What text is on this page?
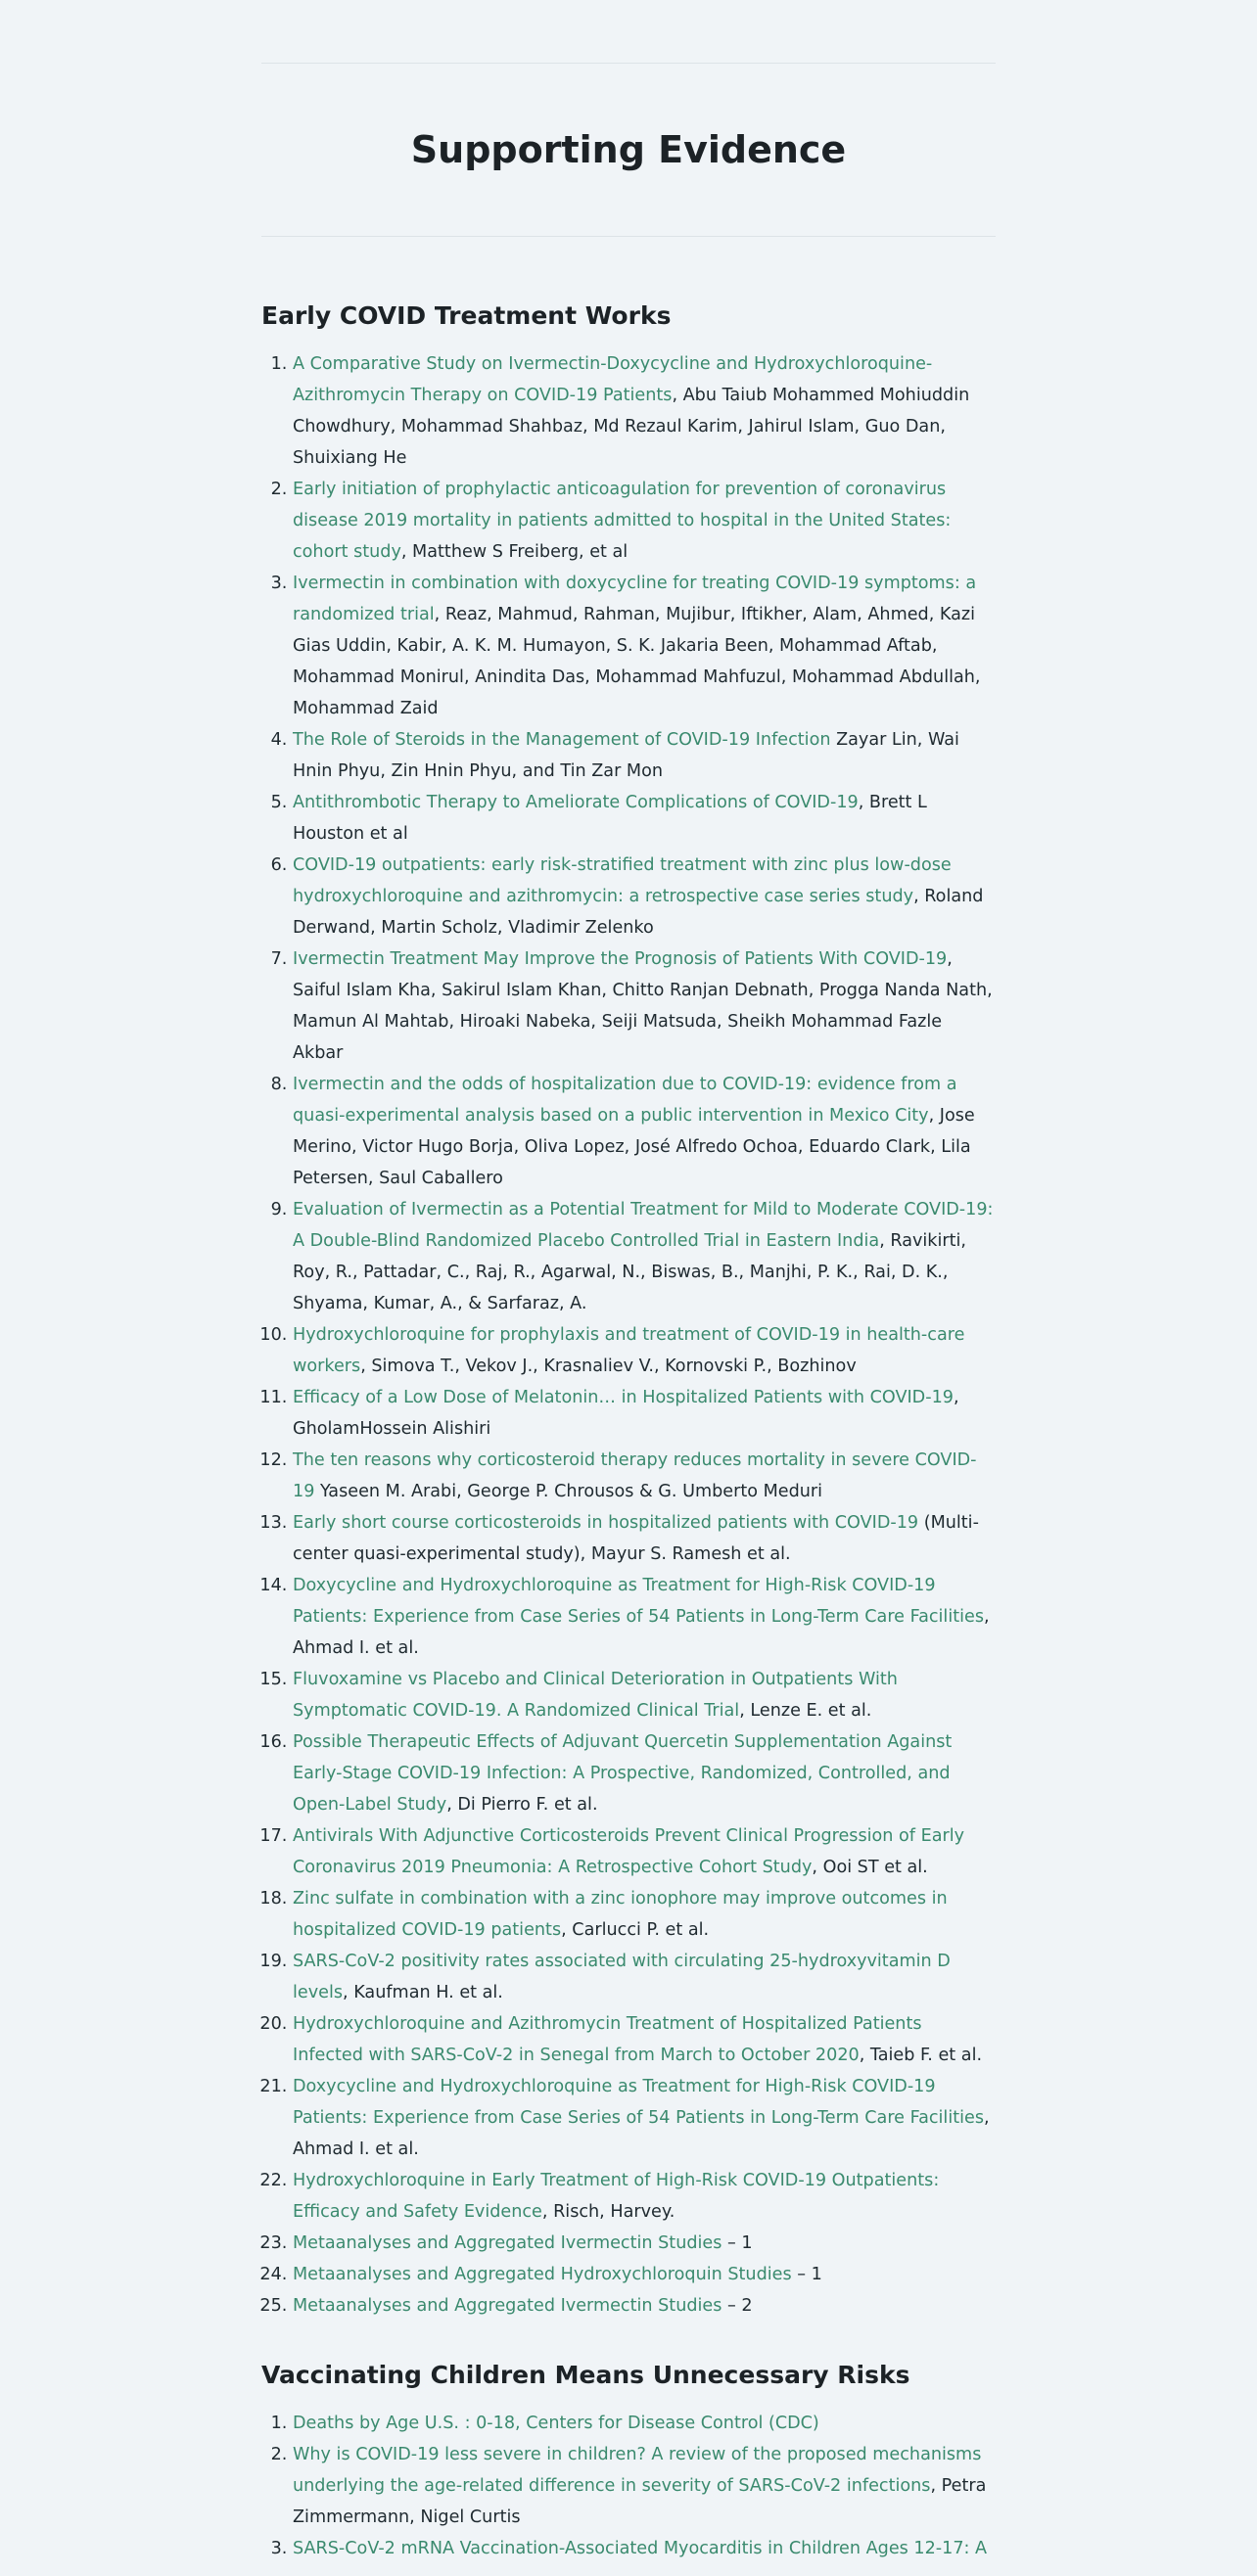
Supporting Evidence
Early COVID Treatment Works
1. A Comparative Study on Ivermectin-Doxycycline and Hydroxychloroquine-Azithromycin Therapy on COVID-19 Patients, Abu Taiub Mohammed Mohiuddin Chowdhury, Mohammad Shahbaz, Md Rezaul Karim, Jahirul Islam, Guo Dan, Shuixiang He
2. Early initiation of prophylactic anticoagulation for prevention of coronavirus disease 2019 mortality in patients admitted to hospital in the United States: cohort study, Matthew S Freiberg, et al
3. Ivermectin in combination with doxycycline for treating COVID-19 symptoms: a randomized trial, Reaz, Mahmud, Rahman, Mujibur, Iftikher, Alam, Ahmed, Kazi Gias Uddin, Kabir, A. K. M. Humayon, S. K. Jakaria Been, Mohammad Aftab, Mohammad Monirul, Anindita Das, Mohammad Mahfuzul, Mohammad Abdullah, Mohammad Zaid
4. The Role of Steroids in the Management of COVID-19 Infection Zayar Lin, Wai Hnin Phyu, Zin Hnin Phyu, and Tin Zar Mon
5. Antithrombotic Therapy to Ameliorate Complications of COVID-19, Brett L Houston et al
6. COVID-19 outpatients: early risk-stratified treatment with zinc plus low-dose hydroxychloroquine and azithromycin: a retrospective case series study, Roland Derwand, Martin Scholz, Vladimir Zelenko
7. Ivermectin Treatment May Improve the Prognosis of Patients With COVID-19, Saiful Islam Kha, Sakirul Islam Khan, Chitto Ranjan Debnath, Progga Nanda Nath, Mamun Al Mahtab, Hiroaki Nabeka, Seiji Matsuda, Sheikh Mohammad Fazle Akbar
8. Ivermectin and the odds of hospitalization due to COVID-19: evidence from a quasi-experimental analysis based on a public intervention in Mexico City, Jose Merino, Victor Hugo Borja, Oliva Lopez, José Alfredo Ochoa, Eduardo Clark, Lila Petersen, Saul Caballero
9. Evaluation of Ivermectin as a Potential Treatment for Mild to Moderate COVID-19: A Double-Blind Randomized Placebo Controlled Trial in Eastern India, Ravikirti, Roy, R., Pattadar, C., Raj, R., Agarwal, N., Biswas, B., Manjhi, P. K., Rai, D. K., Shyama, Kumar, A., & Sarfaraz, A.
10. Hydroxychloroquine for prophylaxis and treatment of COVID-19 in health-care workers, Simova T., Vekov J., Krasnaliev V., Kornovski P., Bozhinov
11. Efficacy of a Low Dose of Melatonin… in Hospitalized Patients with COVID-19, GholamHossein Alishiri
12. The ten reasons why corticosteroid therapy reduces mortality in severe COVID-19 Yaseen M. Arabi, George P. Chrousos & G. Umberto Meduri
13. Early short course corticosteroids in hospitalized patients with COVID-19 (Multi-center quasi-experimental study), Mayur S. Ramesh et al.
14. Doxycycline and Hydroxychloroquine as Treatment for High-Risk COVID-19 Patients: Experience from Case Series of 54 Patients in Long-Term Care Facilities, Ahmad I. et al.
15. Fluvoxamine vs Placebo and Clinical Deterioration in Outpatients With Symptomatic COVID-19. A Randomized Clinical Trial, Lenze E. et al.
16. Possible Therapeutic Effects of Adjuvant Quercetin Supplementation Against Early-Stage COVID-19 Infection: A Prospective, Randomized, Controlled, and Open-Label Study, Di Pierro F. et al.
17. Antivirals With Adjunctive Corticosteroids Prevent Clinical Progression of Early Coronavirus 2019 Pneumonia: A Retrospective Cohort Study, Ooi ST et al.
18. Zinc sulfate in combination with a zinc ionophore may improve outcomes in hospitalized COVID-19 patients, Carlucci P. et al.
19. SARS-CoV-2 positivity rates associated with circulating 25-hydroxyvitamin D levels, Kaufman H. et al.
20. Hydroxychloroquine and Azithromycin Treatment of Hospitalized Patients Infected with SARS-CoV-2 in Senegal from March to October 2020, Taieb F. et al.
21. Doxycycline and Hydroxychloroquine as Treatment for High-Risk COVID-19 Patients: Experience from Case Series of 54 Patients in Long-Term Care Facilities, Ahmad I. et al.
22. Hydroxychloroquine in Early Treatment of High-Risk COVID-19 Outpatients: Efficacy and Safety Evidence, Risch, Harvey.
23. Metaanalyses and Aggregated Ivermectin Studies – 1
24. Metaanalyses and Aggregated Hydroxychloroquin Studies – 1
25. Metaanalyses and Aggregated Ivermectin Studies – 2
Vaccinating Children Means Unnecessary Risks
1. Deaths by Age U.S. : 0-18, Centers for Disease Control (CDC)
2. Why is COVID-19 less severe in children? A review of the proposed mechanisms underlying the age-related difference in severity of SARS-CoV-2 infections, Petra Zimmermann, Nigel Curtis
3. SARS-CoV-2 mRNA Vaccination-Associated Myocarditis in Children Ages 12-17: A
